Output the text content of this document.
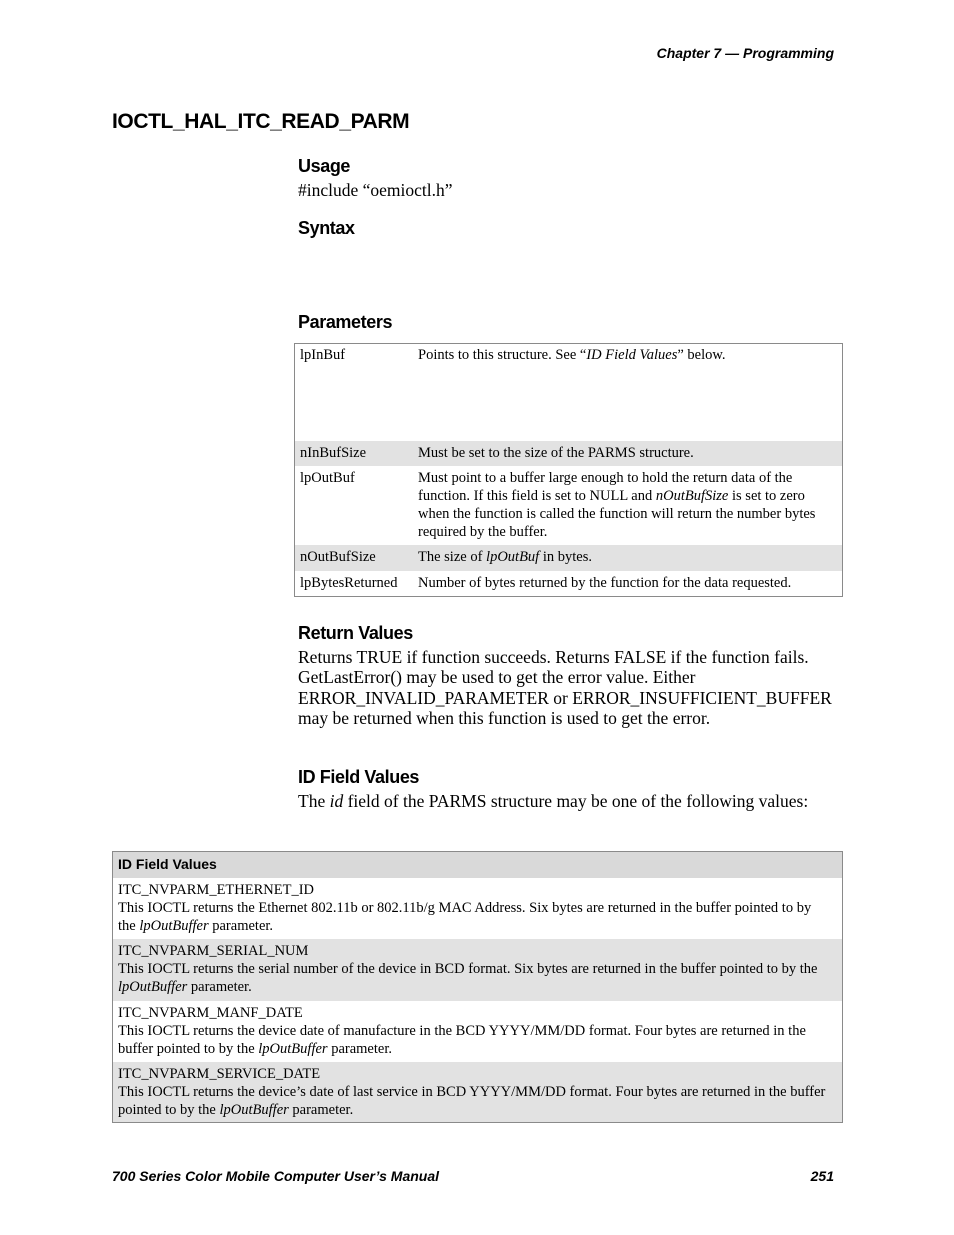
Chapter 7 — Programming
IOCTL_HAL_ITC_READ_PARM
Usage

#include “oemioctl.h”

Syntax
Parameters
lpInBuf	Points to this structure. See “ID Field Values” below.
nInBufSize	Must be set to the size of the PARMS structure.
lpOutBuf	Must point to a buffer large enough to hold the return data of the function. If this field is set to NULL and nOutBufSize is set to zero when the function is called the function will return the number bytes required by the buffer.
nOutBufSize	The size of lpOutBuf in bytes.
lpBytesReturned Number of bytes returned by the function for the data requested.
Return Values

Returns TRUE if function succeeds. Returns FALSE if the function fails. GetLastError() may be used to get the error value. Either ERROR_INVALID_PARAMETER or ERROR_INSUFFICIENT_BUFFER may be returned when this function is used to get the error.

ID Field Values

The id field of the PARMS structure may be one of the following values:

ID Field Values
ITC_NVPARM_ETHERNET_ID
This IOCTL returns the Ethernet 802.11b or 802.11b/g MAC Address. Six bytes are returned in the buffer pointed to by the lpOutBuffer parameter.
ITC_NVPARM_SERIAL_NUM
This IOCTL returns the serial number of the device in BCD format. Six bytes are returned in the buffer pointed to by the lpOutBuffer parameter.
ITC_NVPARM_MANF_DATE
This IOCTL returns the device date of manufacture in the BCD YYYY/MM/DD format. Four bytes are returned in the buffer pointed to by the lpOutBuffer parameter.
ITC_NVPARM_SERVICE_DATE
This IOCTL returns the device’s date of last service in BCD YYYY/MM/DD format. Four bytes are returned in the buffer pointed to by the lpOutBuffer parameter.
700 Series Color Mobile Computer User’s Manual	251
